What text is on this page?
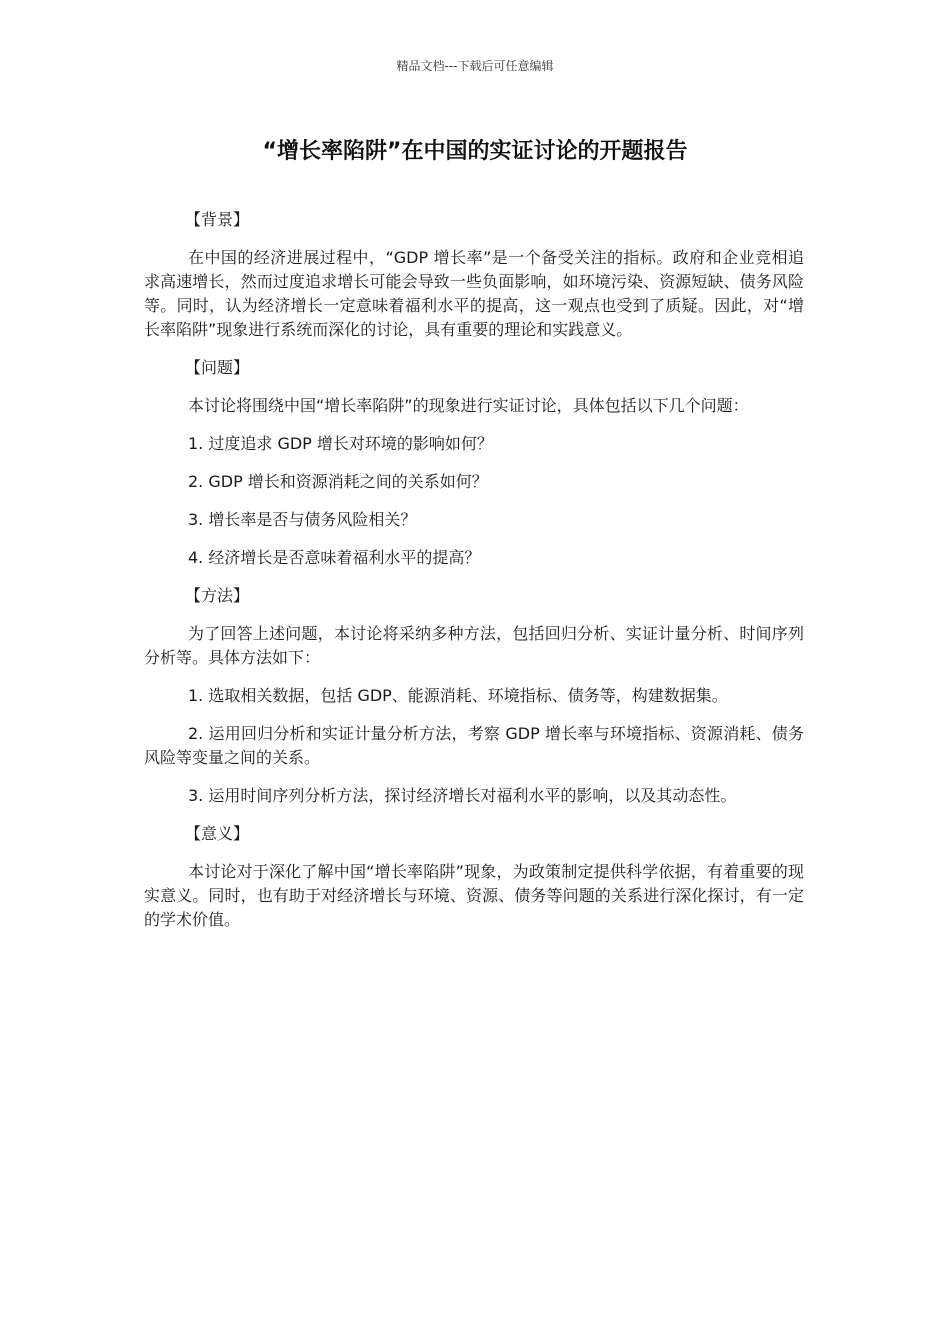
精品文档---下载后可任意编辑
“增长率陷阱”在中国的实证讨论的开题报告

【背景】

在中国的经济进展过程中，“GDP 增长率”是一个备受关注的指标。政府和企业竞相追求高速增长，然而过度追求增长可能会导致一些负面影响，如环境污染、资源短缺、债务风险等。同时，认为经济增长一定意味着福利水平的提高，这一观点也受到了质疑。因此，对“增长率陷阱”现象进行系统而深化的讨论，具有重要的理论和实践意义。

【问题】

本讨论将围绕中国“增长率陷阱”的现象进行实证讨论，具体包括以下几个问题：

1. 过度追求 GDP 增长对环境的影响如何？

2. GDP 增长和资源消耗之间的关系如何？

3. 增长率是否与债务风险相关？

4. 经济增长是否意味着福利水平的提高？

【方法】

为了回答上述问题，本讨论将采纳多种方法，包括回归分析、实证计量分析、时间序列分析等。具体方法如下：

1. 选取相关数据，包括 GDP、能源消耗、环境指标、债务等，构建数据集。

2. 运用回归分析和实证计量分析方法，考察 GDP 增长率与环境指标、资源消耗、债务风险等变量之间的关系。

3. 运用时间序列分析方法，探讨经济增长对福利水平的影响，以及其动态性。

【意义】

本讨论对于深化了解中国“增长率陷阱”现象，为政策制定提供科学依据，有着重要的现实意义。同时，也有助于对经济增长与环境、资源、债务等问题的关系进行深化探讨，有一定的学术价值。
